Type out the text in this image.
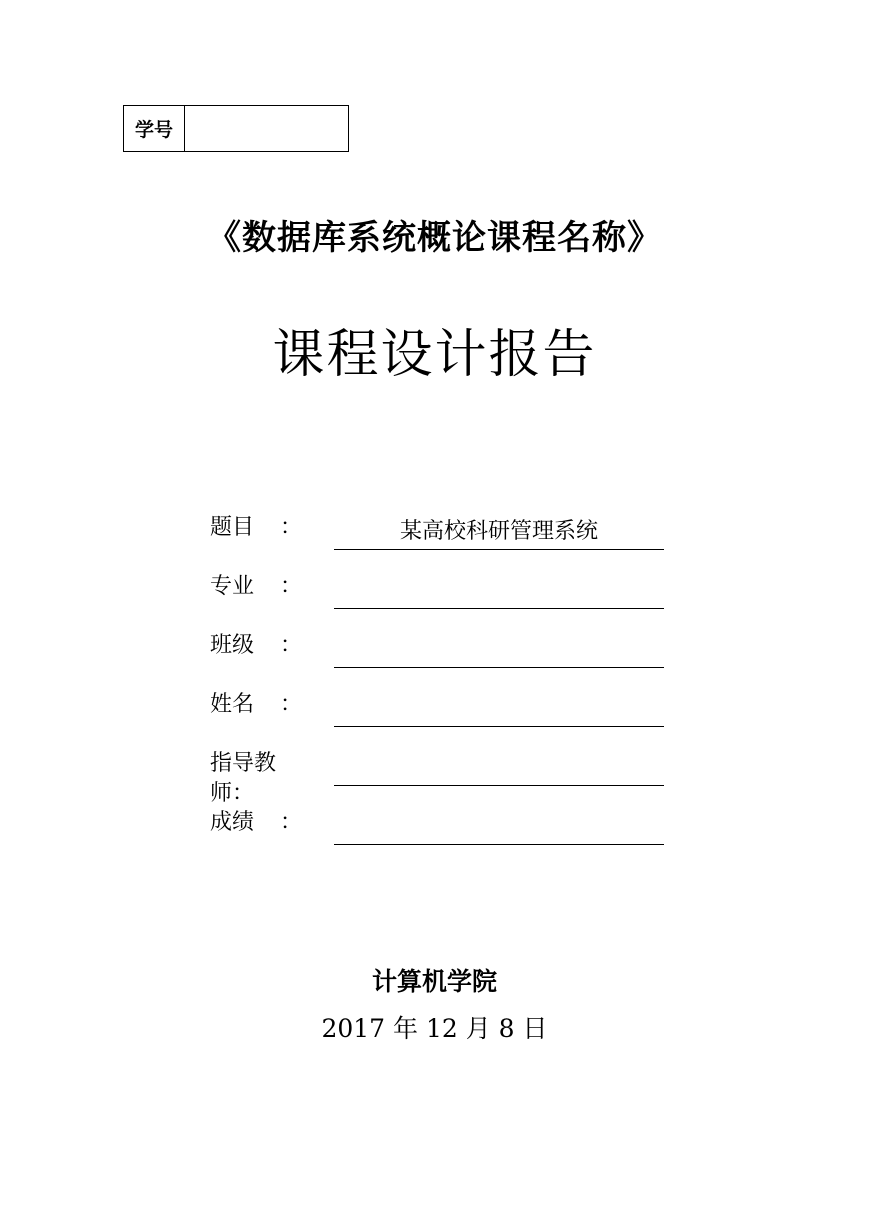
学号
《数据库系统概论课程名称》
课程设计报告
题 目 ：	某高校科研管理系统
专 业 ：
班 级 ：
姓 名 ：
指导教师：
成 绩 ：
计算机学院
2017 年 12 月 8 日
